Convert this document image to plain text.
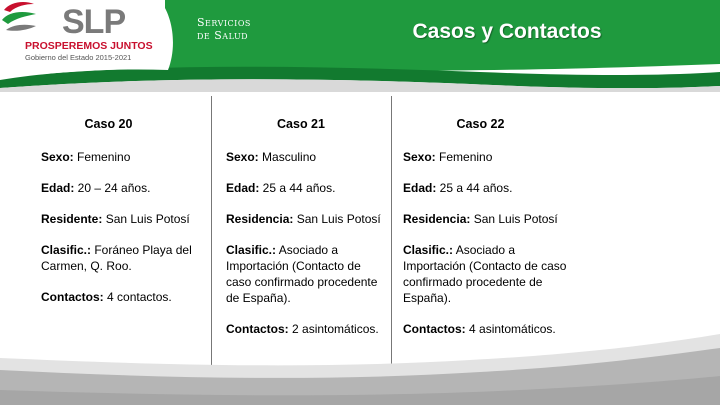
SLP
PROSPEREMOS JUNTOS
Gobierno del Estado 2015-2021
Servicios
de Salud	Casos y Contactos
Caso 20
Sexo: Femenino
Edad: 20 – 24 años.
Residente: San Luis Potosí
Clasific.: Foráneo Playa del Carmen, Q. Roo.
Contactos: 4 contactos.
Caso 21
Sexo: Masculino
Edad: 25 a 44 años.
Residencia: San Luis Potosí
Clasific.: Asociado a Importación (Contacto de caso confirmado procedente de España).
Contactos: 2 asintomáticos.
Caso 22
Sexo: Femenino
Edad: 25 a 44 años.
Residencia: San Luis Potosí
Clasific.: Asociado a Importación (Contacto de caso confirmado procedente de España).
Contactos: 4 asintomáticos.
